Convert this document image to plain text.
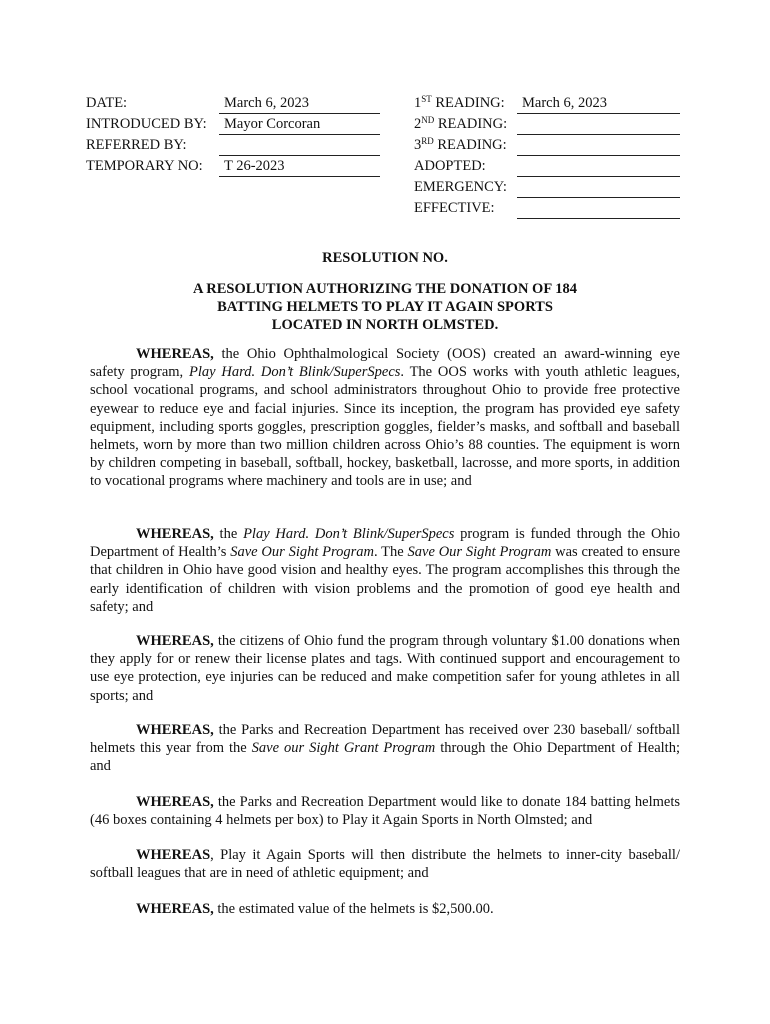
DATE:	March 6, 2023
INTRODUCED BY:	Mayor Corcoran
REFERRED BY:
TEMPORARY NO:	T 26-2023
1ST READING:	March 6, 2023
2ND READING:
3RD READING:
ADOPTED:
EMERGENCY:
EFFECTIVE:
RESOLUTION NO.
A RESOLUTION AUTHORIZING THE DONATION OF 184
BATTING HELMETS TO PLAY IT AGAIN SPORTS
LOCATED IN NORTH OLMSTED.
WHEREAS, the Ohio Ophthalmological Society (OOS) created an award-winning eye safety program, Play Hard. Don’t Blink/SuperSpecs. The OOS works with youth athletic leagues, school vocational programs, and school administrators throughout Ohio to provide free protective eyewear to reduce eye and facial injuries. Since its inception, the program has provided eye safety equipment, including sports goggles, prescription goggles, fielder’s masks, and softball and baseball helmets, worn by more than two million children across Ohio’s 88 counties. The equipment is worn by children competing in baseball, softball, hockey, basketball, lacrosse, and more sports, in addition to vocational programs where machinery and tools are in use; and
WHEREAS, the Play Hard. Don’t Blink/SuperSpecs program is funded through the Ohio Department of Health’s Save Our Sight Program. The Save Our Sight Program was created to ensure that children in Ohio have good vision and healthy eyes. The program accomplishes this through the early identification of children with vision problems and the promotion of good eye health and safety; and
WHEREAS, the citizens of Ohio fund the program through voluntary $1.00 donations when they apply for or renew their license plates and tags. With continued support and encouragement to use eye protection, eye injuries can be reduced and make competition safer for young athletes in all sports; and
WHEREAS, the Parks and Recreation Department has received over 230 baseball/ softball helmets this year from the Save our Sight Grant Program through the Ohio Department of Health; and
WHEREAS, the Parks and Recreation Department would like to donate 184 batting helmets (46 boxes containing 4 helmets per box) to Play it Again Sports in North Olmsted; and
WHEREAS, Play it Again Sports will then distribute the helmets to inner-city baseball/ softball leagues that are in need of athletic equipment; and
WHEREAS, the estimated value of the helmets is $2,500.00.
